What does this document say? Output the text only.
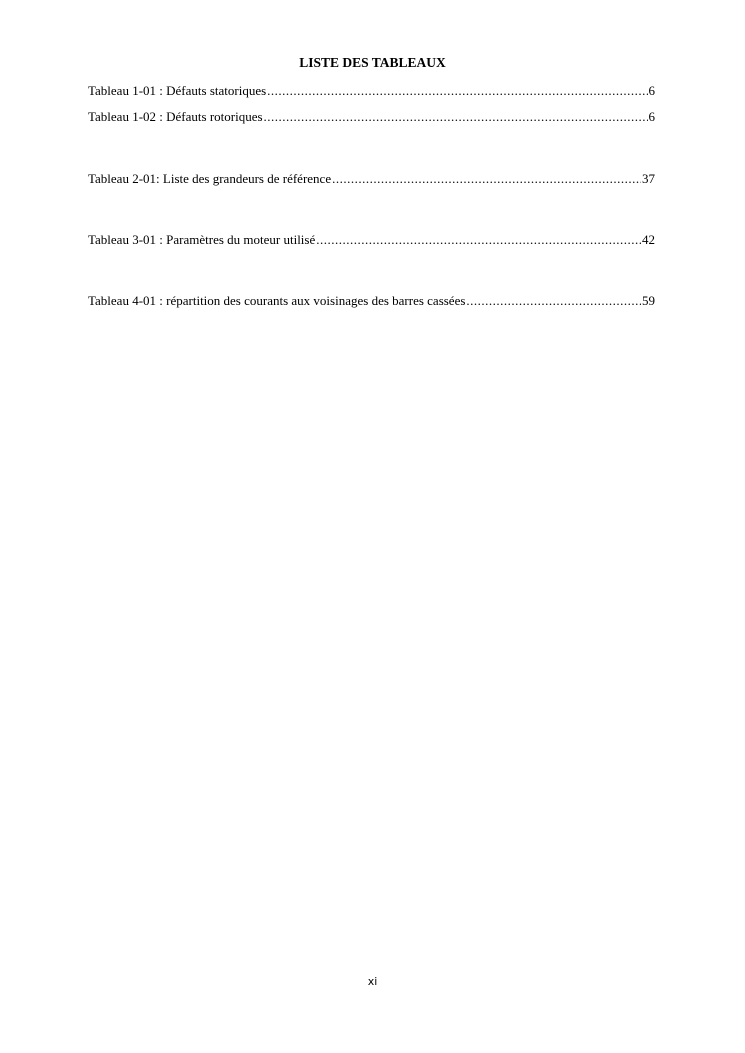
LISTE DES TABLEAUX
Tableau 1-01 : Défauts statoriques .....	6
Tableau 1-02 : Défauts rotoriques .....	6
Tableau 2-01: Liste des grandeurs de référence .....	37
Tableau 3-01 : Paramètres du moteur utilisé .....	42
Tableau 4-01 : répartition des courants aux voisinages des barres cassées .....	59
xi
